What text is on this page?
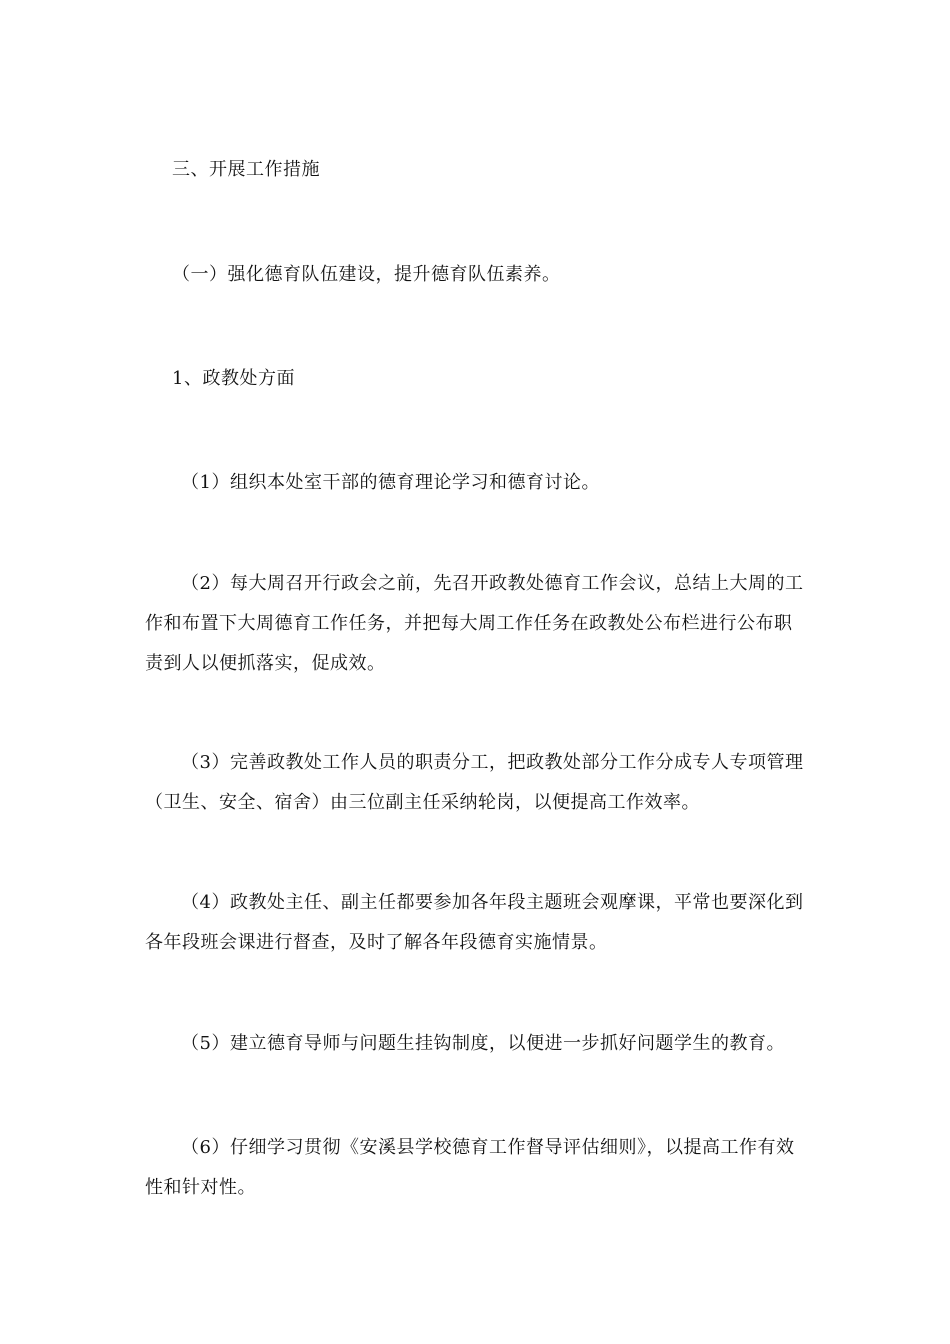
三、开展工作措施
（一）强化德育队伍建设，提升德育队伍素养。
1、政教处方面
（1）组织本处室干部的德育理论学习和德育讨论。
（2）每大周召开行政会之前，先召开政教处德育工作会议，总结上大周的工作和布置下大周德育工作任务，并把每大周工作任务在政教处公布栏进行公布职责到人以便抓落实，促成效。
（3）完善政教处工作人员的职责分工，把政教处部分工作分成专人专项管理（卫生、安全、宿舍）由三位副主任采纳轮岗，以便提高工作效率。
（4）政教处主任、副主任都要参加各年段主题班会观摩课，平常也要深化到各年段班会课进行督查，及时了解各年段德育实施情景。
（5）建立德育导师与问题生挂钩制度，以便进一步抓好问题学生的教育。
（6）仔细学习贯彻《安溪县学校德育工作督导评估细则》，以提高工作有效性和针对性。
